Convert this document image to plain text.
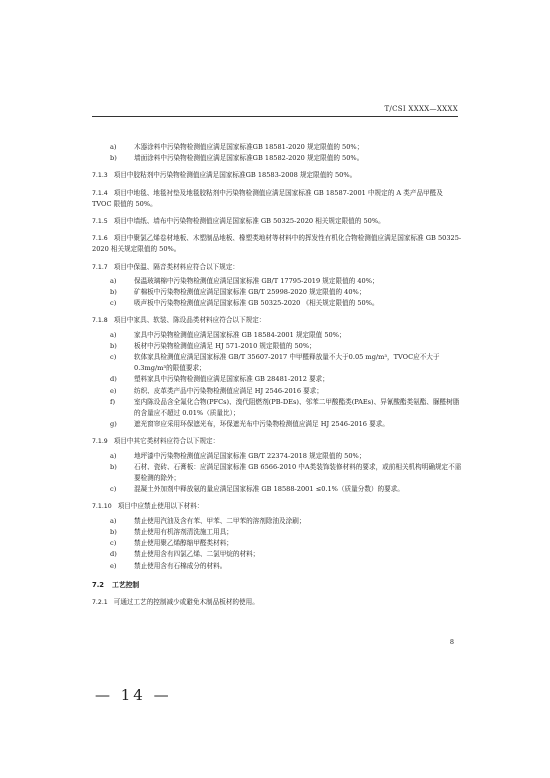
T/CSI XXXX—XXXX
a)	木器涂料中污染物检测值应满足国家标准GB 18581-2020 规定限值的 50%；
b)	墙面涂料中污染物检测值应满足国家标准GB 18582-2020 规定限值的 50%。
7.1.3 项目中胶粘剂中污染物检测值应满足国家标准GB 18583-2008 规定限值的 50%。
7.1.4 项目中地毯、地毯衬垫及地毯胶粘剂中污染物检测值应满足国家标准 GB 18587-2001 中规定的 A 类产品甲醛及 TVOC 限值的 50%。
7.1.5 项目中墙纸、墙布中污染物检测值应满足国家标准 GB 50325-2020 相关规定限值的 50%。
7.1.6 项目中聚氯乙烯卷材地板、木塑制品地板、橡塑类地材等材料中的挥发性有机化合物检测值应满足国家标准 GB 50325-2020 相关规定限值的 50%。
7.1.7 项目中保温、隔音类材料应符合以下规定：
a)	保温玻璃棉中污染物检测值应满足国家标准 GB/T 17795-2019 规定限值的 40%；
b)	矿棉板中污染物检测值应满足国家标准 GB/T 25998-2020 规定限值的 40%；
c)	吸声板中污染物检测值应满足国家标准 GB 50325-2020 《相关规定限值的 50%。
7.1.8 项目中家具、软装、陈设品类材料应符合以下规定：
a)	家具中污染物检测值应满足国家标准 GB 18584-2001 规定限值 50%；
b)	板材中污染物检测值应满足 HJ 571-2010 规定限值的 50%；
c)	软体家具检测值应满足国家标准 GB/T 35607-2017 中甲醛释放量不大于0.05 mg/m³，TVOC应不大于0.3mg/m³的限值要求；
d)	塑料家具中污染物检测值应满足国家标准 GB 28481-2012 要求；
e)	纺织、皮革类产品中污染物检测值应满足 HJ 2546-2016 要求；
f)	室内陈设品含全氟化合物(PFCs)、溴代阻燃剂(PB-DEs)、邻苯二甲酸酯类(PAEs)、异氰酸酯类氨酯、脲醛树脂的含量应不超过 0.01%（质量比）；
g)	遮光窗帘应采用环保遮光布，环保遮光布中污染物检测值应满足 HJ 2546-2016 要求。
7.1.9 项目中其它类材料应符合以下规定：
a)	地坪漆中污染物检测值应满足国家标准 GB/T 22374-2018 规定限值的 50%；
b)	石材、瓷砖、石膏板：应满足国家标准 GB 6566-2010 中A类装饰装修材料的要求，或前相关机构明确规定不需要检测的除外；
c)	混凝土外加剂中释放氨的量应满足国家标准 GB 18588-2001 ≤0.1%（质量分数）的要求。
7.1.10 项目中应禁止使用以下材料：
a)	禁止使用汽油及含有苯、甲苯、二甲苯的溶剂除油及涂刷；
b)	禁止使用有机溶剂清洗施工用具；
c)	禁止使用聚乙烯醇缩甲醛类材料；
d)	禁止使用含有四氯乙烯、二氯甲烷的材料；
e)	禁止使用含有石棉成分的材料。
7.2 工艺控制
7.2.1 可通过工艺的控制减少或避免木制品板材的使用。
8
— 14 —
